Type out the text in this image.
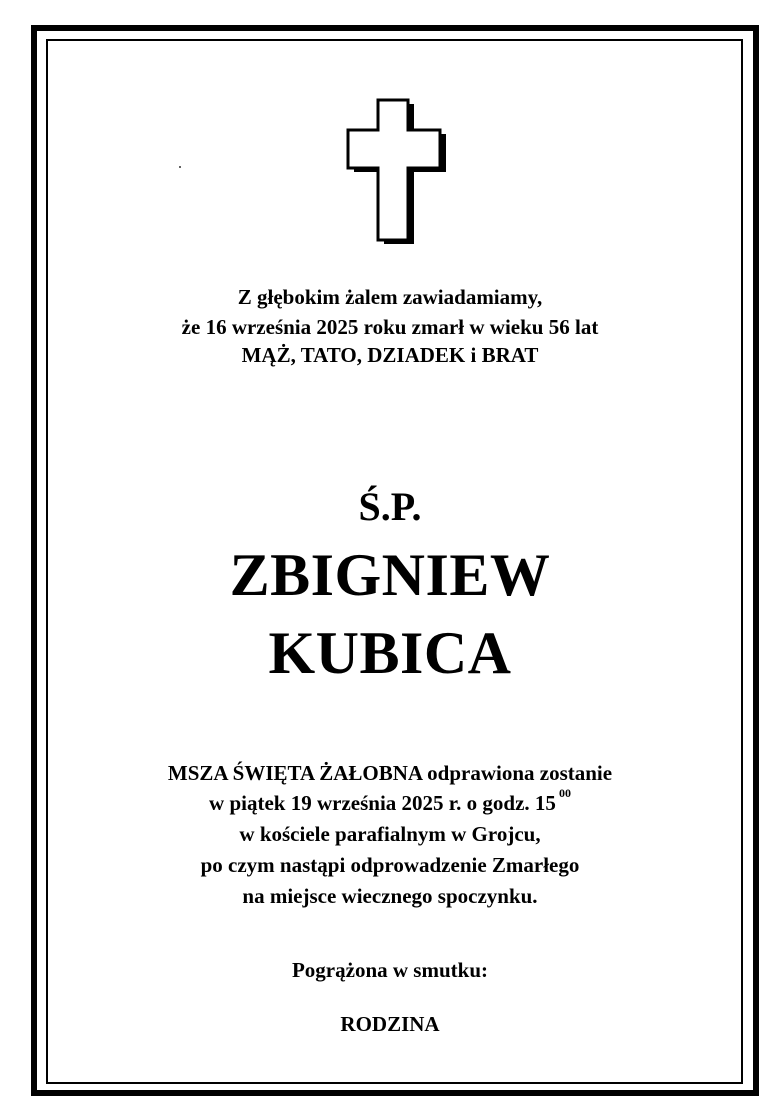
Z głębokim żalem zawiadamiamy,
że 16 września 2025 roku zmarł w wieku 56 lat
MĄŻ, TATO, DZIADEK i BRAT
Ś.P.
ZBIGNIEW
KUBICA
MSZA ŚWIĘTA ŻAŁOBNA odprawiona zostanie
w piątek 19 września 2025 r. o godz. 15 $^{00}$
w kościele parafialnym w Grojcu,
po czym nastąpi odprowadzenie Zmarłego
na miejsce wiecznego spoczynku.
Pogrążona w smutku:
RODZINA
